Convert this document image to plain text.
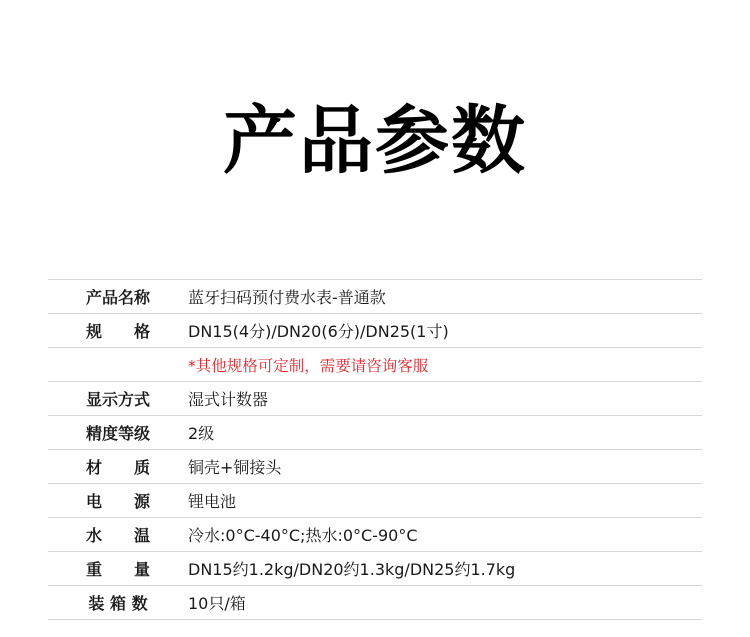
产品参数
产品名称	蓝牙扫码预付费水表-普通款
规　　格	DN15(4分)/DN20(6分)/DN25(1寸)
	*其他规格可定制，需要请咨询客服
显示方式	湿式计数器
精度等级	2级
材　　质	铜壳+铜接头
电　　源	锂电池
水　　温	冷水:0°C-40°C;热水:0°C-90°C
重　　量	DN15约1.2kg/DN20约1.3kg/DN25约1.7kg
装 箱 数	10只/箱
